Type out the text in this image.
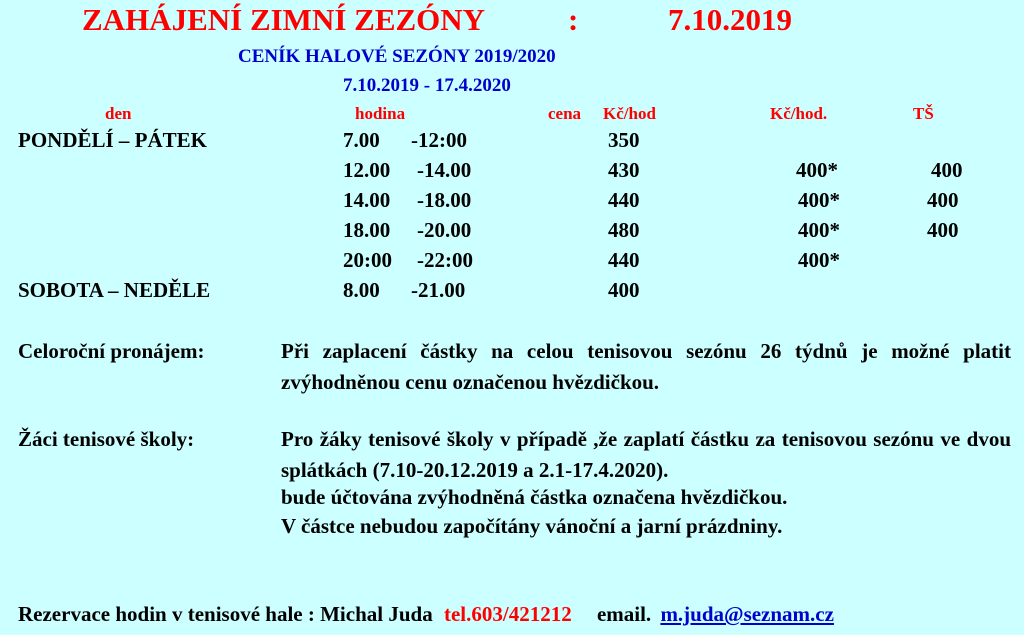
ZAHÁJENÍ ZIMNÍ ZEZÓNY	:	7.10.2019
CENÍK HALOVÉ SEZÓNY 2019/2020
7.10.2019 - 17.4.2020
den	hodina	cena Kč/hod	Kč/hod.	TŠ
PONDĚLÍ – PÁTEK	7.00 -12:00	350
12.00 -14.00	430	400*	400
14.00 -18.00	440	400*	400
18.00 -20.00	480	400*	400
20:00 -22:00	440	400*
SOBOTA – NEDĚLE	8.00 -21.00	400
Celoroční pronájem:	Při zaplacení částky na celou tenisovou sezónu 26 týdnů je možné platit zvýhodněnou cenu označenou hvězdičkou.
Žáci tenisové školy:	Pro žáky tenisové školy v případě ,že zaplatí částku za tenisovou sezónu ve dvou splátkách (7.10-20.12.2019 a 2.1-17.4.2020).
bude účtována zvýhodněná částka označena hvězdičkou.
V částce nebudou započítány vánoční a jarní prázdniny.
Rezervace hodin v tenisové hale : Michal Juda tel.603/421212 email. m.juda@seznam.cz
